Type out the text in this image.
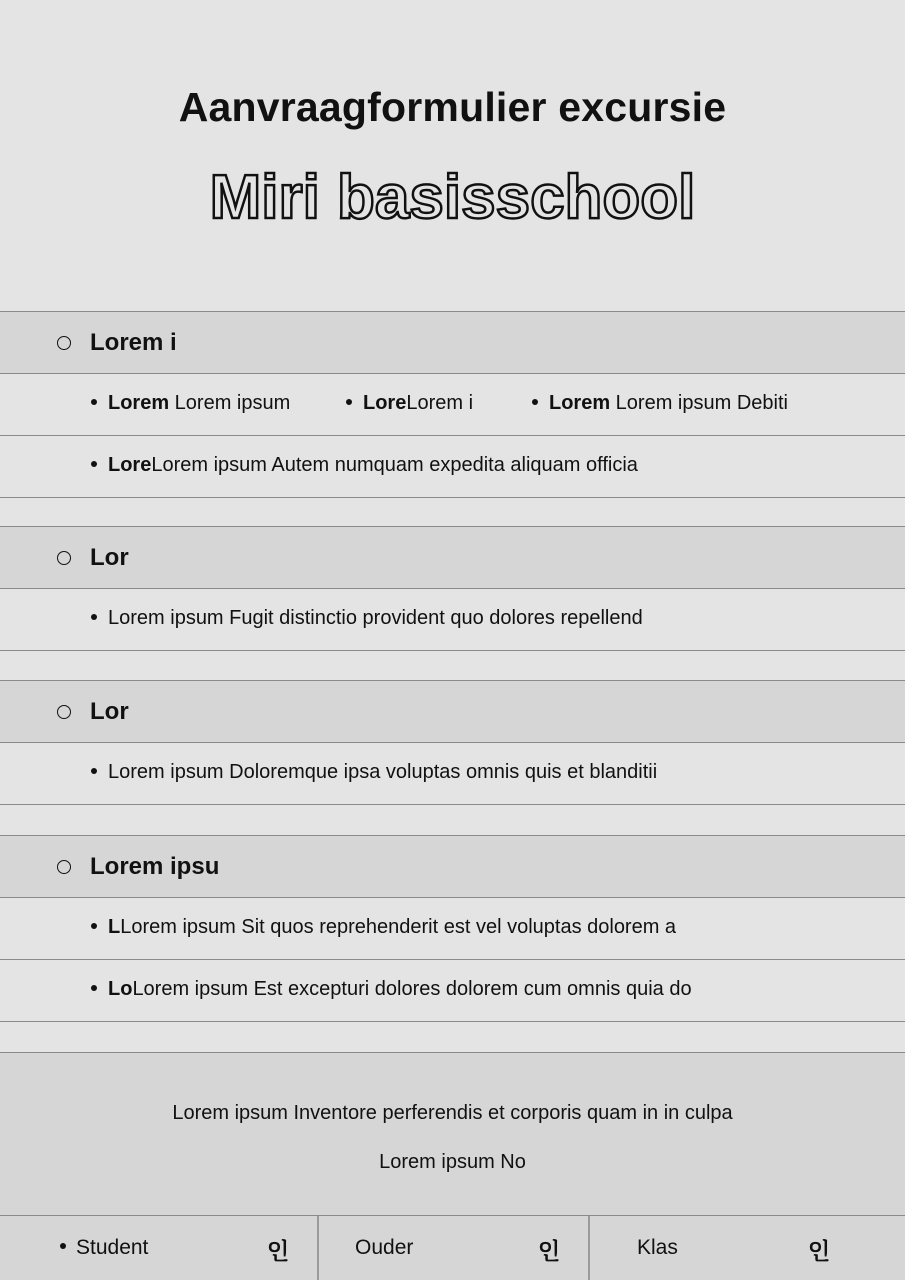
Aanvraagformulier excursie
Miri basisschool
Lorem i
Lorem Lorem ipsum	LoreLorem i	Lorem Lorem ipsum Debiti
LoreLorem ipsum Autem numquam expedita aliquam officia
Lor
Lorem ipsum Fugit distinctio provident quo dolores repellend
Lor
Lorem ipsum Doloremque ipsa voluptas omnis quis et blanditii
Lorem ipsu
LLorem ipsum Sit quos reprehenderit est vel voluptas dolorem a
LoLorem ipsum Est excepturi dolores dolorem cum omnis quia do
Lorem ipsum Inventore perferendis et corporis quam in in culpa
Lorem ipsum No
Student	인	Ouder	인	Klas	인
